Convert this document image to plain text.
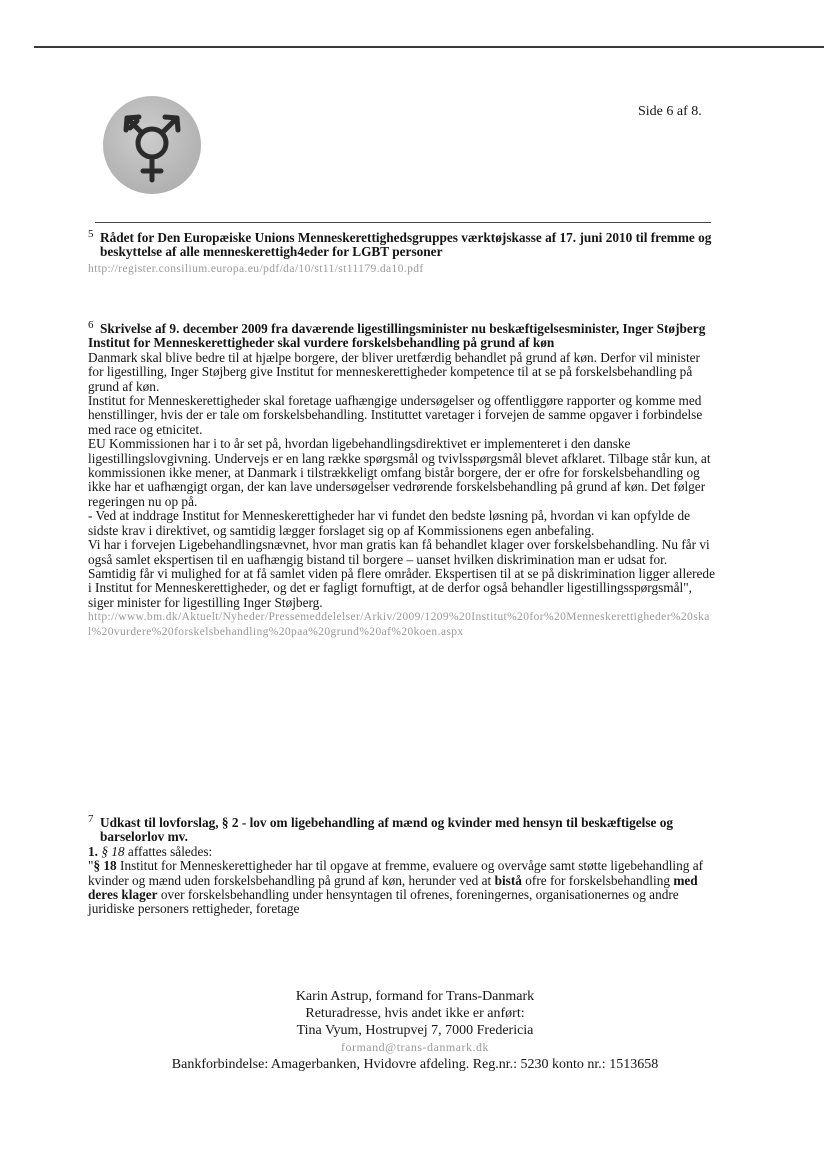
Side 6 af 8.
5 Rådet for Den Europæiske Unions Menneskerettighedsgruppes værktøjskasse af 17. juni 2010 til fremme og beskyttelse af alle menneskerettigh4eder for LGBT personer

http://register.consilium.europa.eu/pdf/da/10/st11/st11179.da10.pdf

6 Skrivelse af 9. december 2009 fra daværende ligestillingsminister nu beskæftigelsesminister, Inger Støjberg

Institut for Menneskerettigheder skal vurdere forskelsbehandling på grund af køn

Danmark skal blive bedre til at hjælpe borgere, der bliver uretfærdig behandlet på grund af køn. Derfor vil minister for ligestilling, Inger Støjberg give Institut for menneskerettigheder kompetence til at se på forskelsbehandling på grund af køn.

Institut for Menneskerettigheder skal foretage uafhængige undersøgelser og offentliggøre rapporter og komme med henstillinger, hvis der er tale om forskelsbehandling. Instituttet varetager i forvejen de samme opgaver i forbindelse med race og etnicitet.

EU Kommissionen har i to år set på, hvordan ligebehandlingsdirektivet er implementeret i den danske ligestillingslovgivning. Undervejs er en lang række spørgsmål og tvivlsspørgsmål blevet afklaret. Tilbage står kun, at kommissionen ikke mener, at Danmark i tilstrækkeligt omfang bistår borgere, der er ofre for forskelsbehandling og ikke har et uafhængigt organ, der kan lave undersøgelser vedrørende forskelsbehandling på grund af køn. Det følger regeringen nu op på.

- Ved at inddrage Institut for Menneskerettigheder har vi fundet den bedste løsning på, hvordan vi kan opfylde de sidste krav i direktivet, og samtidig lægger forslaget sig op af Kommissionens egen anbefaling.

Vi har i forvejen Ligebehandlingsnævnet, hvor man gratis kan få behandlet klager over forskelsbehandling. Nu får vi også samlet ekspertisen til en uafhængig bistand til borgere – uanset hvilken diskrimination man er udsat for.

Samtidig får vi mulighed for at få samlet viden på flere områder. Ekspertisen til at se på diskrimination ligger allerede i Institut for Menneskerettigheder, og det er fagligt fornuftigt, at de derfor også behandler ligestillingsspørgsmål", siger minister for ligestilling Inger Støjberg.

http://www.bm.dk/Aktuelt/Nyheder/Pressemeddelelser/Arkiv/2009/1209%20Institut%20for%20Menneskerettigheder%20skal%20vurdere%20forskelsbehandling%20paa%20grund%20af%20koen.aspx

7 Udkast til lovforslag, § 2 - lov om ligebehandling af mænd og kvinder med hensyn til beskæftigelse og barselorlov mv.

1. § 18 affattes således:

"§ 18 Institut for Menneskerettigheder har til opgave at fremme, evaluere og overvåge samt støtte ligebehandling af kvinder og mænd uden forskelsbehandling på grund af køn, herunder ved at bistå ofre for forskelsbehandling med deres klager over forskelsbehandling under hensyntagen til ofrenes, foreningernes, organisationernes og andre juridiske personers rettigheder, foretage

Karin Astrup, formand for Trans-Danmark

Returadresse, hvis andet ikke er anført:

Tina Vyum, Hostrupvej 7, 7000 Fredericia

formand@trans-danmark.dk

Bankforbindelse: Amagerbanken, Hvidovre afdeling. Reg.nr.: 5230 konto nr.: 1513658
